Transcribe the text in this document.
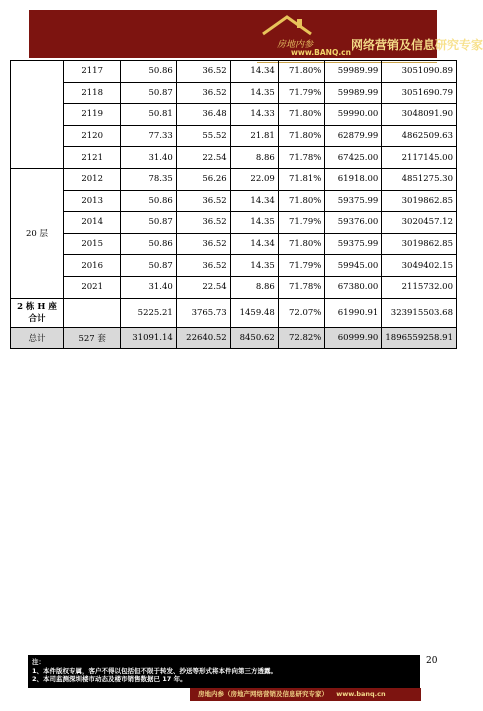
房地内参
www.BANQ.cn
网络营销及信息研究专家
	2117	50.86	36.52	14.34	71.80%	59989.99	3051090.89
	2118	50.87	36.52	14.35	71.79%	59989.99	3051690.79
	2119	50.81	36.48	14.33	71.80%	59990.00	3048091.90
	2120	77.33	55.52	21.81	71.80%	62879.99	4862509.63
	2121	31.40	22.54	8.86	71.78%	67425.00	2117145.00
20 层	2012	78.35	56.26	22.09	71.81%	61918.00	4851275.30
	2013	50.86	36.52	14.34	71.80%	59375.99	3019862.85
	2014	50.87	36.52	14.35	71.79%	59376.00	3020457.12
	2015	50.86	36.52	14.34	71.80%	59375.99	3019862.85
	2016	50.87	36.52	14.35	71.79%	59945.00	3049402.15
	2021	31.40	22.54	8.86	71.78%	67380.00	2115732.00

2 栋 H 座
合计		5225.21	3765.73	1459.48	72.07%	61990.91	323915503.68
总计	527 套	31091.14	22640.52	8450.62	72.82%	60999.90	1896559258.91
注：
1、本件版权专属，客户不得以包括但不限于转发、抄送等形式将本件向第三方透露。
2、本司监测深圳楼市动态及楼市销售数据已 17 年。
20
房地内参（房地产网络营销及信息研究专家） www.banq.cn
